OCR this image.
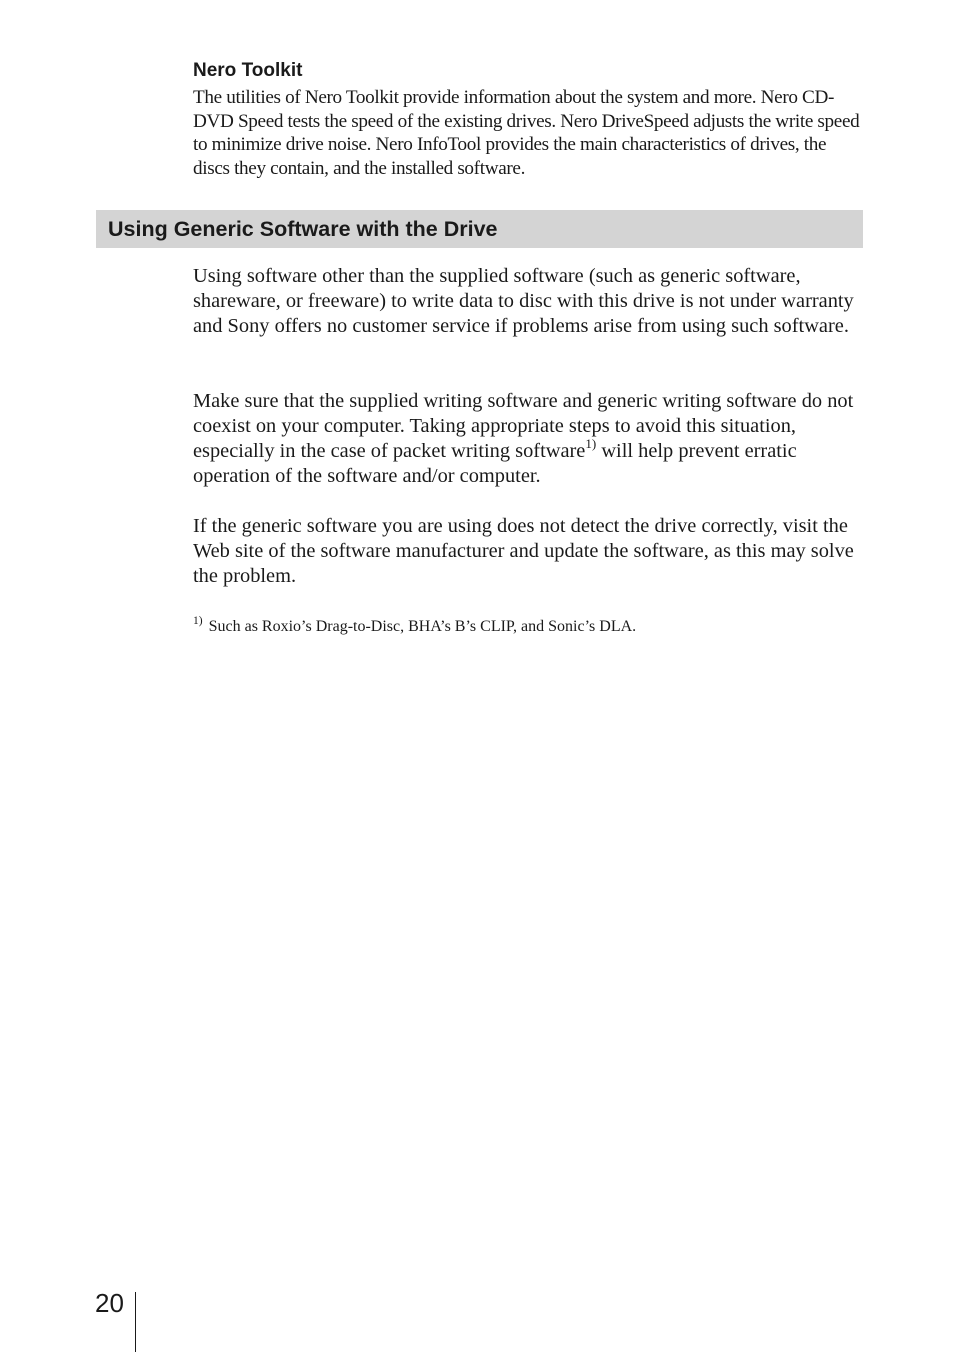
Nero Toolkit

The utilities of Nero Toolkit provide information about the system and more. Nero CD-DVD Speed tests the speed of the existing drives. Nero DriveSpeed adjusts the write speed to minimize drive noise. Nero InfoTool provides the main characteristics of drives, the discs they contain, and the installed software.

Using Generic Software with the Drive

Using software other than the supplied software (such as generic software, shareware, or freeware) to write data to disc with this drive is not under warranty and Sony offers no customer service if problems arise from using such software.

Make sure that the supplied writing software and generic writing software do not coexist on your computer. Taking appropriate steps to avoid this situation, especially in the case of packet writing software$^{1)}$ will help prevent erratic operation of the software and/or computer.

If the generic software you are using does not detect the drive correctly, visit the Web site of the software manufacturer and update the software, as this may solve the problem.

$^{1)}$ Such as Roxio’s Drag-to-Disc, BHA’s B’s CLIP, and Sonic’s DLA.

20
